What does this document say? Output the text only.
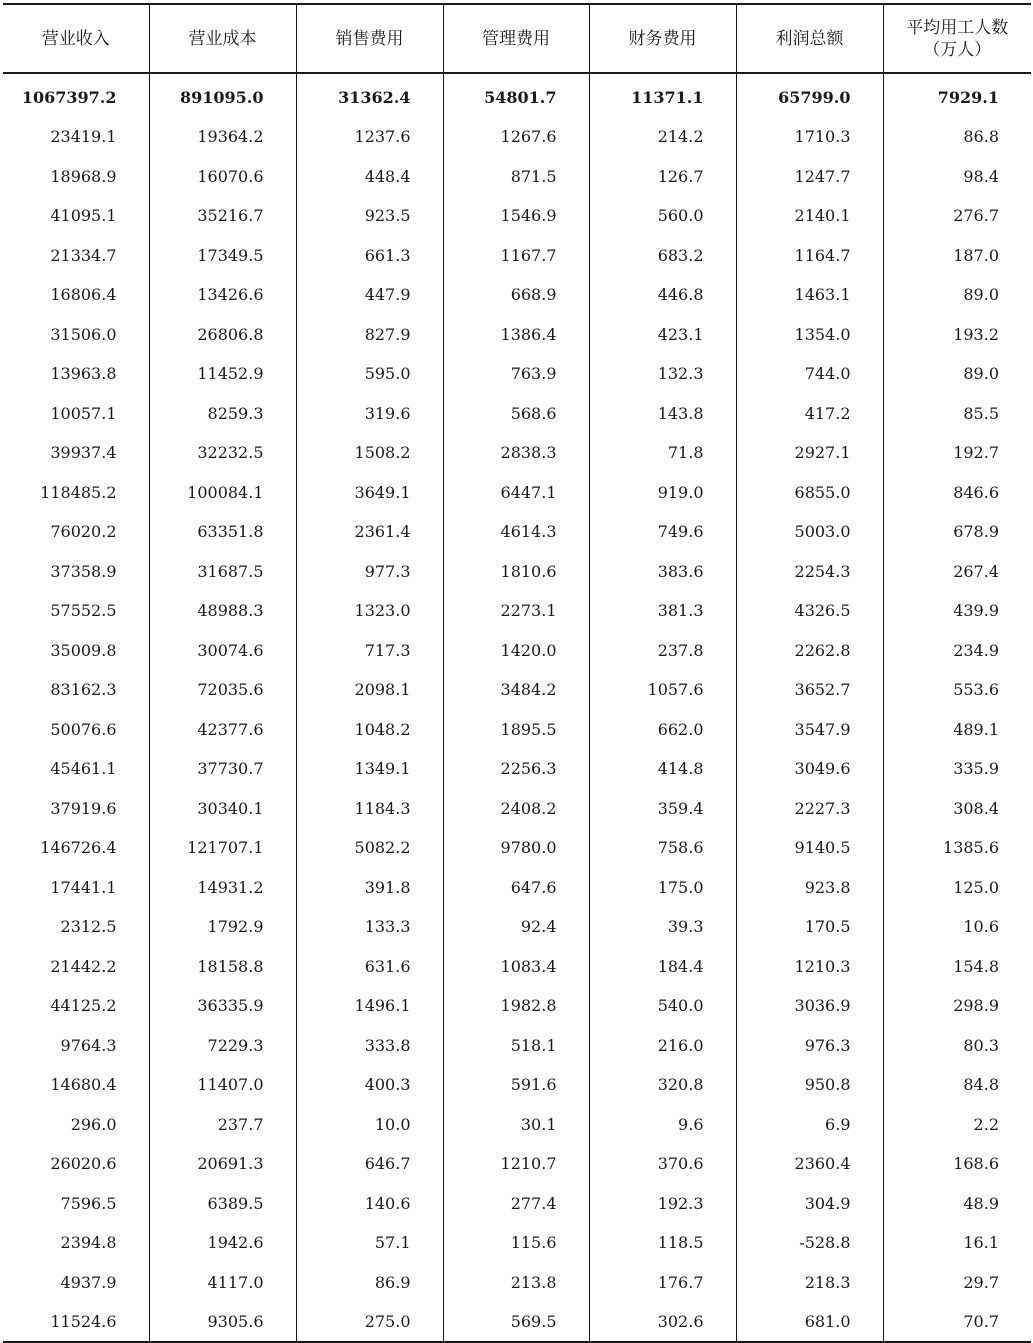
营业收入	营业成本	销售费用	管理费用	财务费用	利润总额	平均用工人数
（万人）

1067397.2	891095.0	31362.4	54801.7	11371.1	65799.0	7929.1
23419.1	19364.2	1237.6	1267.6	214.2	1710.3	86.8
18968.9	16070.6	448.4	871.5	126.7	1247.7	98.4
41095.1	35216.7	923.5	1546.9	560.0	2140.1	276.7
21334.7	17349.5	661.3	1167.7	683.2	1164.7	187.0
16806.4	13426.6	447.9	668.9	446.8	1463.1	89.0
31506.0	26806.8	827.9	1386.4	423.1	1354.0	193.2
13963.8	11452.9	595.0	763.9	132.3	744.0	89.0
10057.1	8259.3	319.6	568.6	143.8	417.2	85.5
39937.4	32232.5	1508.2	2838.3	71.8	2927.1	192.7
118485.2	100084.1	3649.1	6447.1	919.0	6855.0	846.6
76020.2	63351.8	2361.4	4614.3	749.6	5003.0	678.9
37358.9	31687.5	977.3	1810.6	383.6	2254.3	267.4
57552.5	48988.3	1323.0	2273.1	381.3	4326.5	439.9
35009.8	30074.6	717.3	1420.0	237.8	2262.8	234.9
83162.3	72035.6	2098.1	3484.2	1057.6	3652.7	553.6
50076.6	42377.6	1048.2	1895.5	662.0	3547.9	489.1
45461.1	37730.7	1349.1	2256.3	414.8	3049.6	335.9
37919.6	30340.1	1184.3	2408.2	359.4	2227.3	308.4
146726.4	121707.1	5082.2	9780.0	758.6	9140.5	1385.6
17441.1	14931.2	391.8	647.6	175.0	923.8	125.0
2312.5	1792.9	133.3	92.4	39.3	170.5	10.6
21442.2	18158.8	631.6	1083.4	184.4	1210.3	154.8
44125.2	36335.9	1496.1	1982.8	540.0	3036.9	298.9
9764.3	7229.3	333.8	518.1	216.0	976.3	80.3
14680.4	11407.0	400.3	591.6	320.8	950.8	84.8
296.0	237.7	10.0	30.1	9.6	6.9	2.2
26020.6	20691.3	646.7	1210.7	370.6	2360.4	168.6
7596.5	6389.5	140.6	277.4	192.3	304.9	48.9
2394.8	1942.6	57.1	115.6	118.5	-528.8	16.1
4937.9	4117.0	86.9	213.8	176.7	218.3	29.7
11524.6	9305.6	275.0	569.5	302.6	681.0	70.7
